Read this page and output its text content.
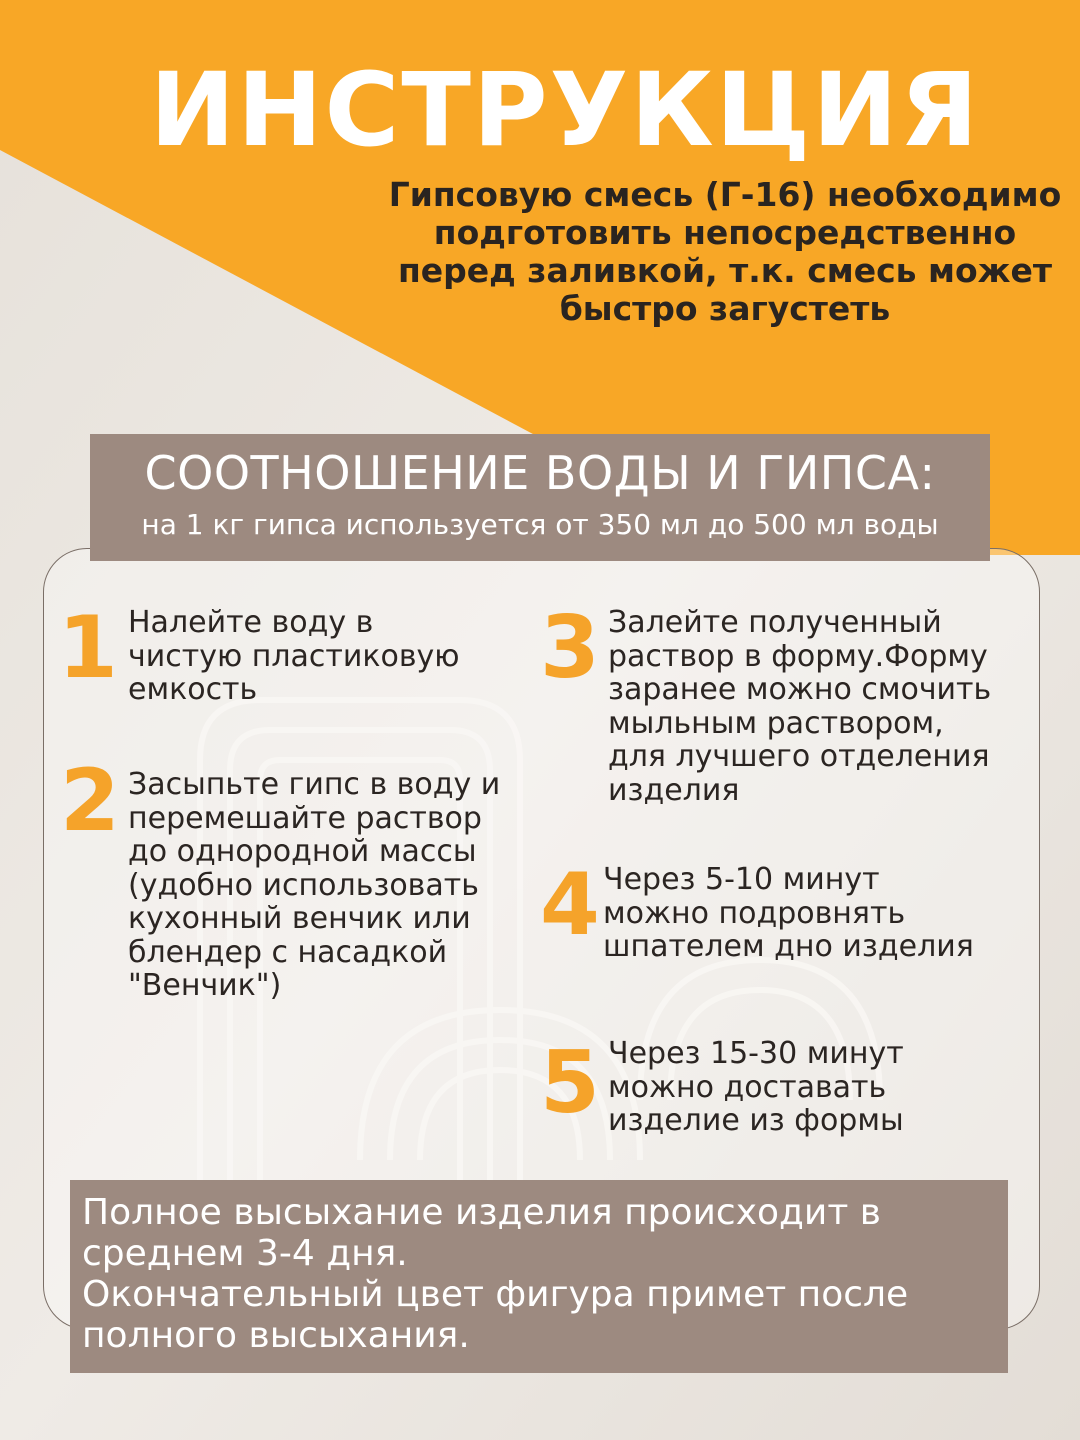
ИНСТРУКЦИЯ
Гипсовую смесь (Г-16) необходимо подготовить непосредственно перед заливкой, т.к. смесь может быстро загустеть
СООТНОШЕНИЕ ВОДЫ И ГИПСА:
на 1 кг гипса используется от 350 мл до 500 мл воды
1 Налейте воду в
чистую пластиковую
емкость
2 Засыпьте гипс в воду и
перемешайте раствор
до однородной массы
(удобно использовать
кухонный венчик или
блендер с насадкой
"Венчик")
3 Залейте полученный
раствор в форму.Форму
заранее можно смочить
мыльным раствором,
для лучшего отделения
изделия
4 Через 5-10 минут
можно подровнять
шпателем дно изделия
5 Через 15-30 минут
можно доставать
изделие из формы
Полное высыхание изделия происходит в
среднем 3-4 дня.
Окончательный цвет фигура примет после
полного высыхания.
